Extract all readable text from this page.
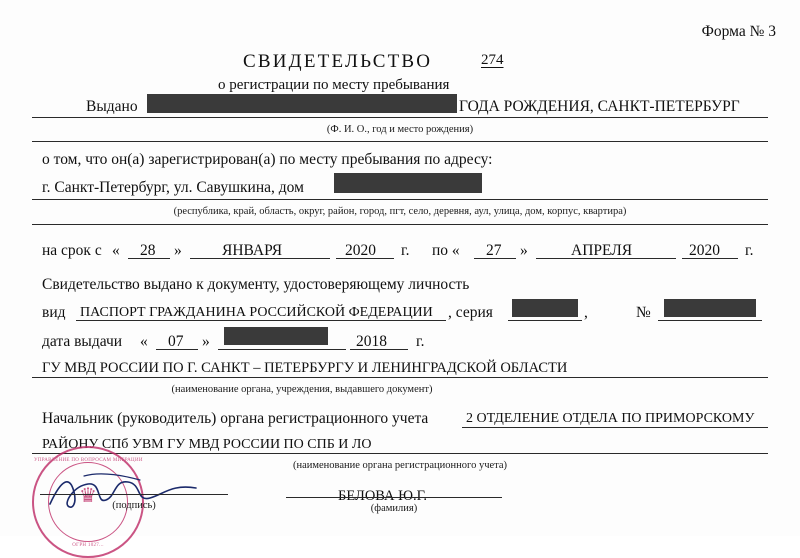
Форма № 3
СВИДЕТЕЛЬСТВО	274
о регистрации по месту пребывания
Выдано	ГОДА РОЖДЕНИЯ, САНКТ-ПЕТЕРБУРГ
(Ф. И. О., год и место рождения)
о том, что он(а) зарегистрирован(а) по месту пребывания по адресу:
г. Санкт-Петербург, ул. Савушкина, дом
(республика, край, область, округ, район, город, пгт, село, деревня, аул, улица, дом, корпус, квартира)
на срок с « 28 »	ЯНВАРЯ	2020 г. по « 27 »	АПРЕЛЯ	2020 г.
Свидетельство выдано к документу, удостоверяющему личность
вид ПАСПОРТ ГРАЖДАНИНА РОССИЙСКОЙ ФЕДЕРАЦИИ , серия	,	№
дата выдачи « 07 »	2018 г.
ГУ МВД РОССИИ ПО Г. САНКТ – ПЕТЕРБУРГУ И ЛЕНИНГРАДСКОЙ ОБЛАСТИ
(наименование органа, учреждения, выдавшего документ)
Начальник (руководитель) органа регистрационного учета	2 ОТДЕЛЕНИЕ ОТДЕЛА ПО ПРИМОРСКОМУ
РАЙОНУ СПб УВМ ГУ МВД РОССИИ ПО СПБ И ЛО
(наименование органа регистрационного учета)
♛
УПРАВЛЕНИЕ ПО ВОПРОСАМ МИГРАЦИИ
ОГРН 1027...
(подпись)
БЕЛОВА Ю.Г.
(фамилия)
